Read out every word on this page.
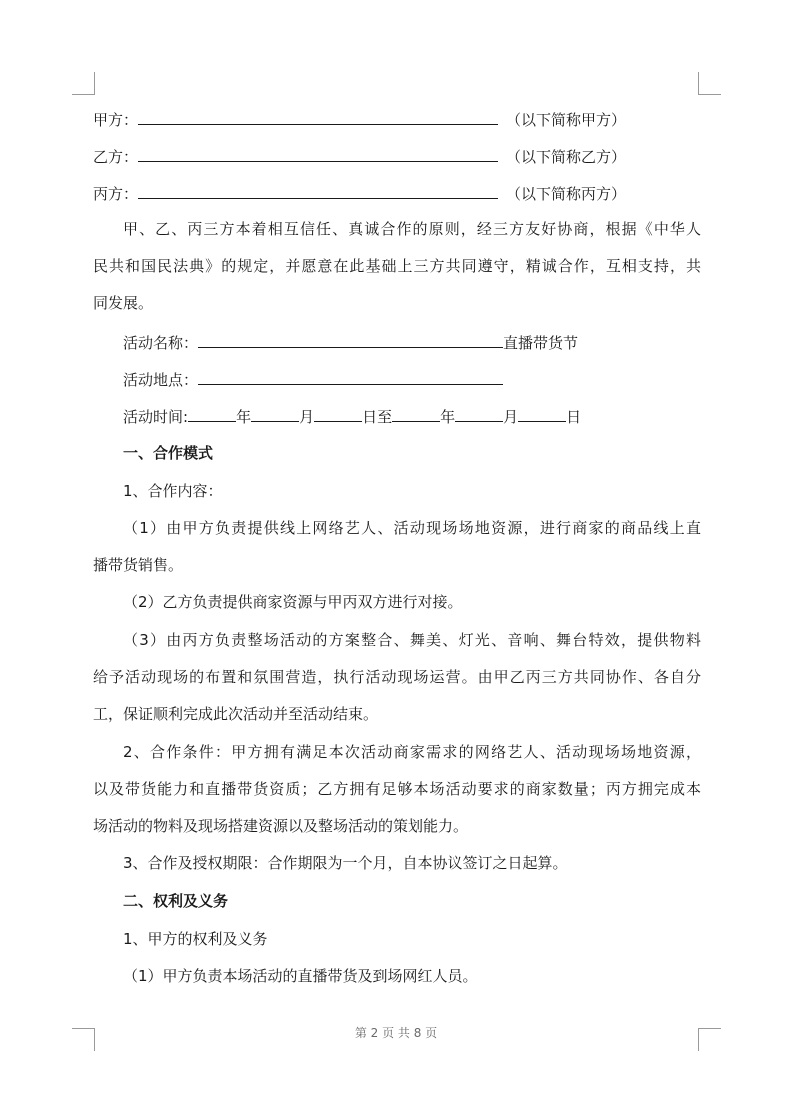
甲方：	（以下简称甲方）
乙方：	（以下简称乙方）
丙方：	（以下简称丙方）
甲、乙、丙三方本着相互信任、真诚合作的原则，经三方友好协商，根据《中华人
民共和国民法典》的规定，并愿意在此基础上三方共同遵守，精诚合作，互相支持，共
同发展。
活动名称：	直播带货节
活动地点：
活动时间:	年	月	日至	年	月	日
一、合作模式
1、合作内容：
（1）由甲方负责提供线上网络艺人、活动现场场地资源，进行商家的商品线上直
播带货销售。
（2）乙方负责提供商家资源与甲丙双方进行对接。
（3）由丙方负责整场活动的方案整合、舞美、灯光、音响、舞台特效，提供物料
给予活动现场的布置和氛围营造，执行活动现场运营。由甲乙丙三方共同协作、各自分
工，保证顺利完成此次活动并至活动结束。
2、合作条件：甲方拥有满足本次活动商家需求的网络艺人、活动现场场地资源，
以及带货能力和直播带货资质；乙方拥有足够本场活动要求的商家数量；丙方拥完成本
场活动的物料及现场搭建资源以及整场活动的策划能力。
3、合作及授权期限：合作期限为一个月，自本协议签订之日起算。
二、权利及义务
1、甲方的权利及义务
（1）甲方负责本场活动的直播带货及到场网红人员。
第 2 页 共 8 页
